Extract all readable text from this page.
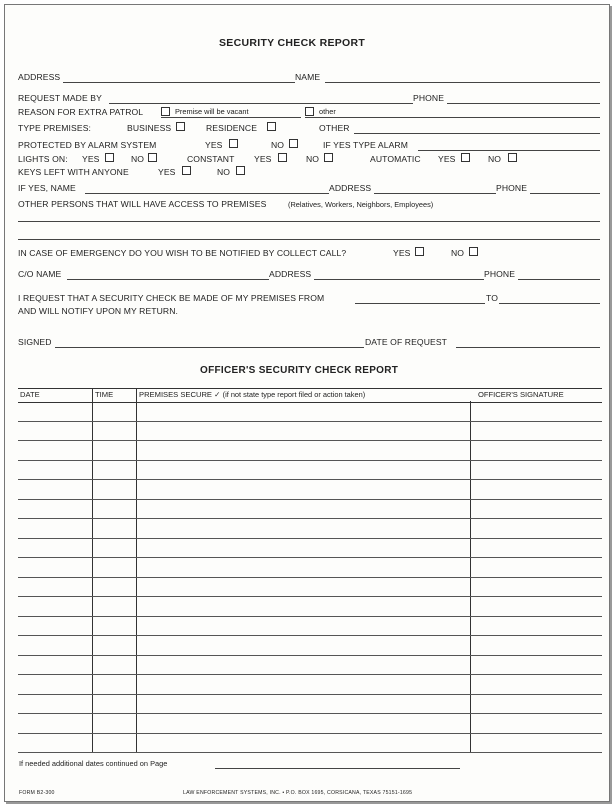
SECURITY CHECK REPORT
ADDRESS	NAME
REQUEST MADE BY	PHONE
REASON FOR EXTRA PATROL	Premise will be vacant	other
TYPE PREMISES:	BUSINESS	RESIDENCE	OTHER
PROTECTED BY ALARM SYSTEM	YES	NO	IF YES TYPE ALARM
LIGHTS ON: YES	NO	CONSTANT YES	NO	AUTOMATIC YES	NO
KEYS LEFT WITH ANYONE	YES	NO
IF YES, NAME	ADDRESS	PHONE
OTHER PERSONS THAT WILL HAVE ACCESS TO PREMISES	(Relatives, Workers, Neighbors, Employees)
IN CASE OF EMERGENCY DO YOU WISH TO BE NOTIFIED BY COLLECT CALL?	YES	NO
C/O NAME	ADDRESS	PHONE
I REQUEST THAT A SECURITY CHECK BE MADE OF MY PREMISES FROM	TO
AND WILL NOTIFY UPON MY RETURN.
SIGNED	DATE OF REQUEST
OFFICER'S SECURITY CHECK REPORT
DATE	TIME	PREMISES SECURE ✓ (if not state type report filed or action taken)	OFFICER'S SIGNATURE
If needed additional dates continued on Page
FORM B2-300	LAW ENFORCEMENT SYSTEMS, INC. • P.O. BOX 1695, CORSICANA, TEXAS 75151-1695
